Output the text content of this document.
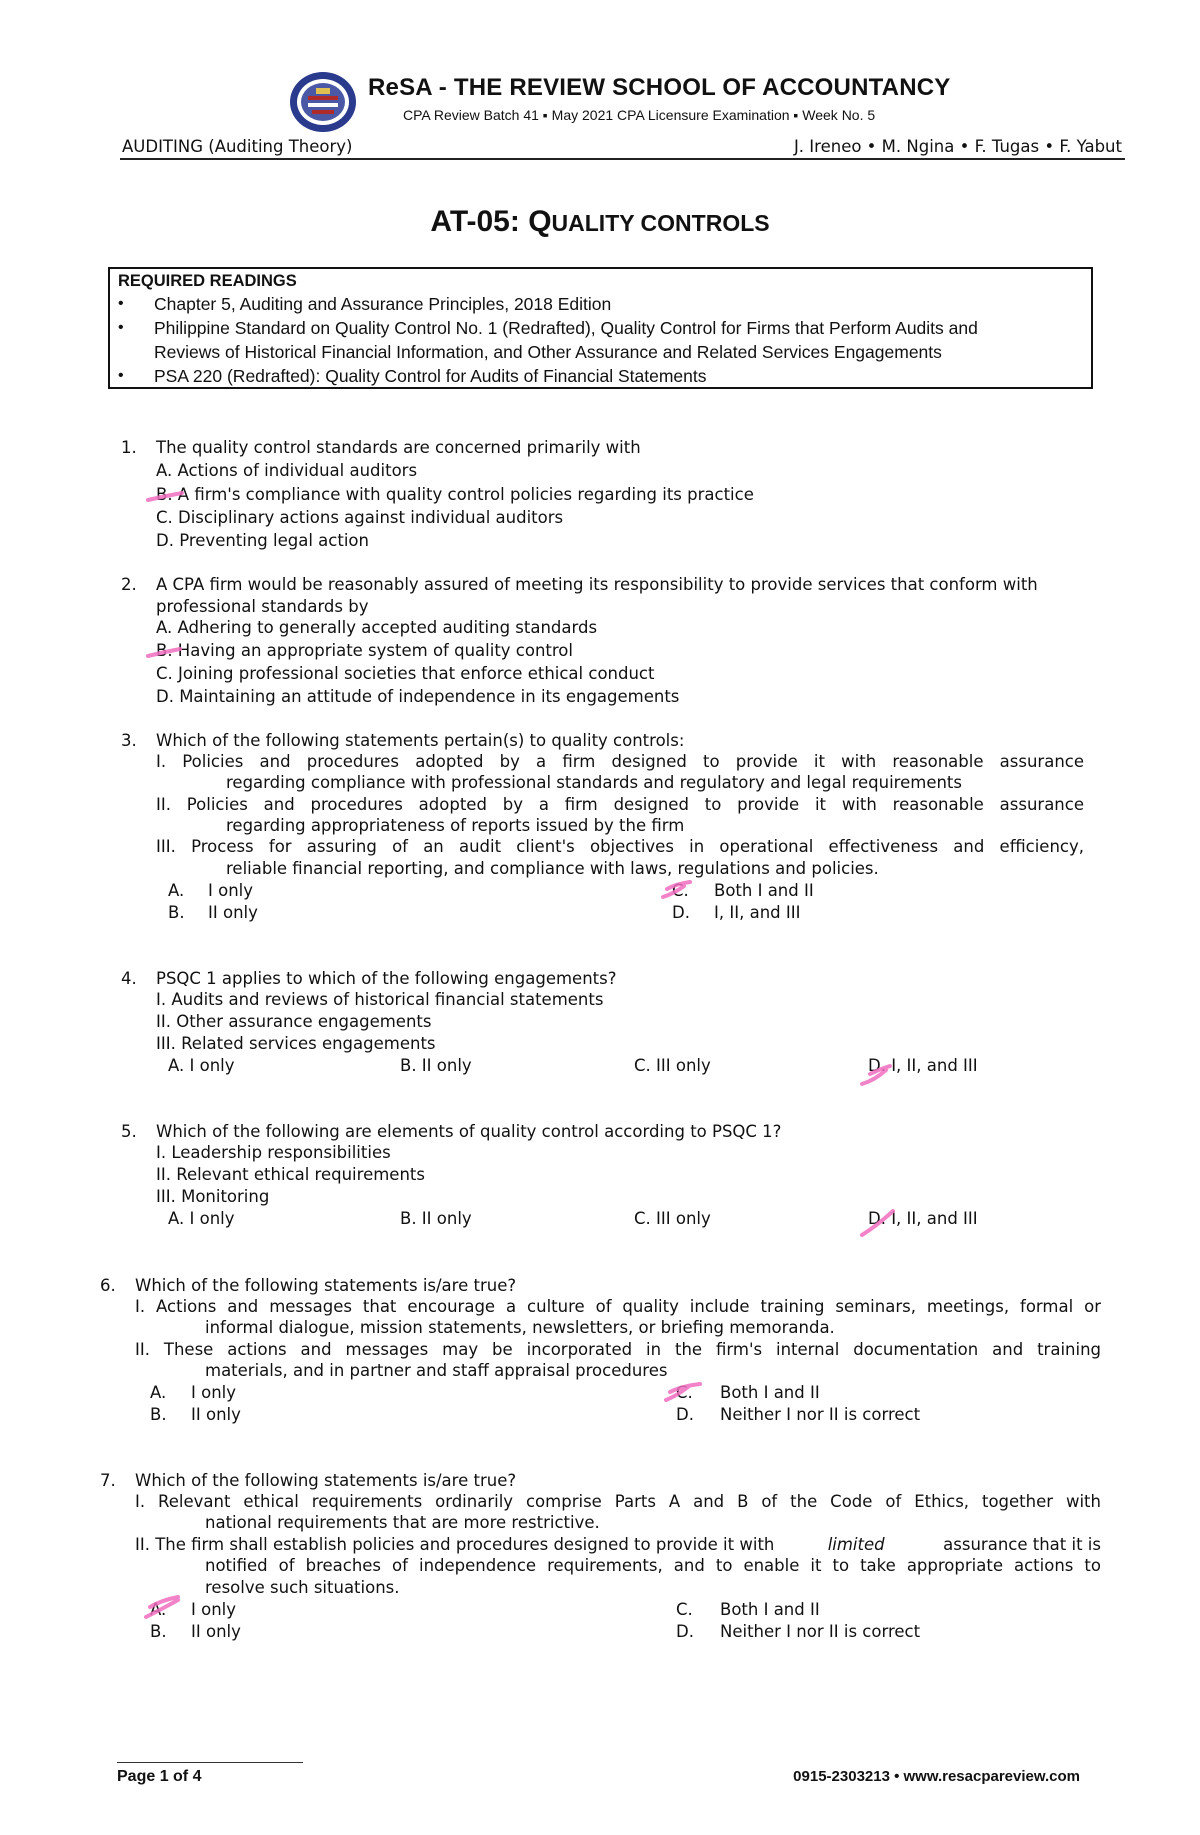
ReSA - THE REVIEW SCHOOL OF ACCOUNTANCY
CPA Review Batch 41 ▪ May 2021 CPA Licensure Examination ▪ Week No. 5
AUDITING (Auditing Theory)	J. Ireneo • M. Ngina • F. Tugas • F. Yabut
AT-05: QUALITY CONTROLS
REQUIRED READINGS
• Chapter 5, Auditing and Assurance Principles, 2018 Edition
• Philippine Standard on Quality Control No. 1 (Redrafted), Quality Control for Firms that Perform Audits and
Reviews of Historical Financial Information, and Other Assurance and Related Services Engagements
• PSA 220 (Redrafted): Quality Control for Audits of Financial Statements
1. The quality control standards are concerned primarily with
A. Actions of individual auditors
B. A firm's compliance with quality control policies regarding its practice
C. Disciplinary actions against individual auditors
D. Preventing legal action
2. A CPA firm would be reasonably assured of meeting its responsibility to provide services that conform with
professional standards by
A. Adhering to generally accepted auditing standards
B. Having an appropriate system of quality control
C. Joining professional societies that enforce ethical conduct
D. Maintaining an attitude of independence in its engagements
3. Which of the following statements pertain(s) to quality controls:
I. Policies and procedures adopted by a firm designed to provide it with reasonable assurance
regarding compliance with professional standards and regulatory and legal requirements
II. Policies and procedures adopted by a firm designed to provide it with reasonable assurance
regarding appropriateness of reports issued by the firm
III. Process for assuring of an audit client's objectives in operational effectiveness and efficiency,
reliable financial reporting, and compliance with laws, regulations and policies.
A. I only
B. II only
C. Both I and II
D. I, II, and III
4. PSQC 1 applies to which of the following engagements?
I. Audits and reviews of historical financial statements
II. Other assurance engagements
III. Related services engagements
A. I only	B. II only	C. III only	D. I, II, and III
5. Which of the following are elements of quality control according to PSQC 1?
I. Leadership responsibilities
II. Relevant ethical requirements
III. Monitoring
A. I only	B. II only	C. III only	D. I, II, and III
6. Which of the following statements is/are true?
I. Actions and messages that encourage a culture of quality include training seminars, meetings, formal or
informal dialogue, mission statements, newsletters, or briefing memoranda.
II. These actions and messages may be incorporated in the firm's internal documentation and training
materials, and in partner and staff appraisal procedures
A. I only
B. II only
C. Both I and II
D. Neither I nor II is correct
7. Which of the following statements is/are true?
I. Relevant ethical requirements ordinarily comprise Parts A and B of the Code of Ethics, together with
national requirements that are more restrictive.
II. The firm shall establish policies and procedures designed to provide it with	limited	assurance that it is
notified of breaches of independence requirements, and to enable it to take appropriate actions to
resolve such situations.
A. I only
B. II only
C. Both I and II
D. Neither I nor II is correct
Page 1 of 4	0915-2303213 • www.resacpareview.com
